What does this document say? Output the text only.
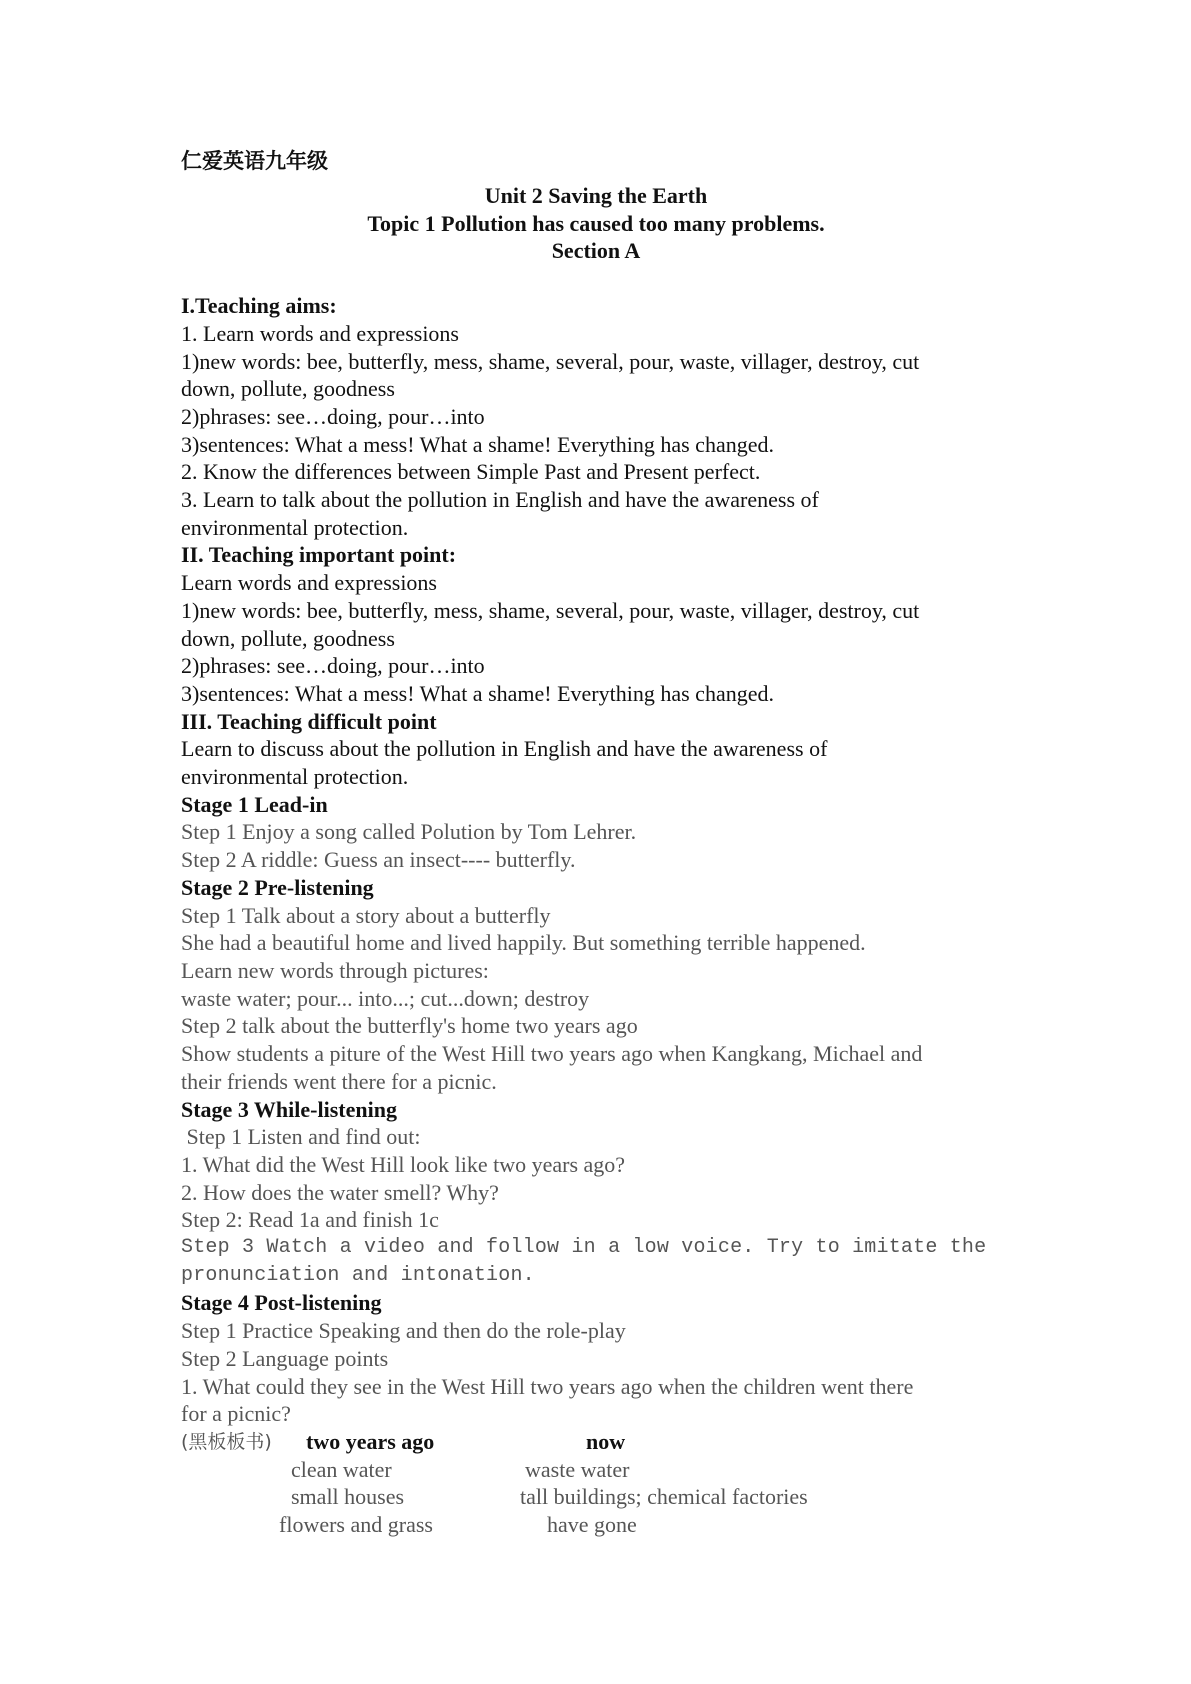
仁爱英语九年级
Unit 2 Saving the Earth
Topic 1 Pollution has caused too many problems.
Section A
I.Teaching aims:
1. Learn words and expressions
1)new words: bee, butterfly, mess, shame, several, pour, waste, villager, destroy, cut
down, pollute, goodness
2)phrases: see…doing, pour…into
3)sentences: What a mess! What a shame! Everything has changed.
2. Know the differences between Simple Past and Present perfect.
3. Learn to talk about the pollution in English and have the awareness of
environmental protection.
II. Teaching important point:
Learn words and expressions
1)new words: bee, butterfly, mess, shame, several, pour, waste, villager, destroy, cut
down, pollute, goodness
2)phrases: see…doing, pour…into
3)sentences: What a mess! What a shame! Everything has changed.
III. Teaching difficult point
Learn to discuss about the pollution in English and have the awareness of
environmental protection.
Stage 1 Lead-in
Step 1 Enjoy a song called Polution by Tom Lehrer.
Step 2 A riddle: Guess an insect---- butterfly.
Stage 2 Pre-listening
Step 1 Talk about a story about a butterfly
She had a beautiful home and lived happily. But something terrible happened.
Learn new words through pictures:
waste water; pour... into...; cut...down; destroy
Step 2 talk about the butterfly's home two years ago
Show students a piture of the West Hill two years ago when Kangkang, Michael and
their friends went there for a picnic.
Stage 3 While-listening
Step 1 Listen and find out:
1. What did the West Hill look like two years ago?
2. How does the water smell? Why?
Step 2: Read 1a and finish 1c
Step 3 Watch a video and follow in a low voice. Try to imitate the
pronunciation and intonation.
Stage 4 Post-listening
Step 1 Practice Speaking and then do the role-play
Step 2 Language points
1. What could they see in the West Hill two years ago when the children went there
for a picnic?
(黑板板书) two years ago	now
clean water	waste water
small houses	tall buildings; chemical factories
flowers and grass	have gone
